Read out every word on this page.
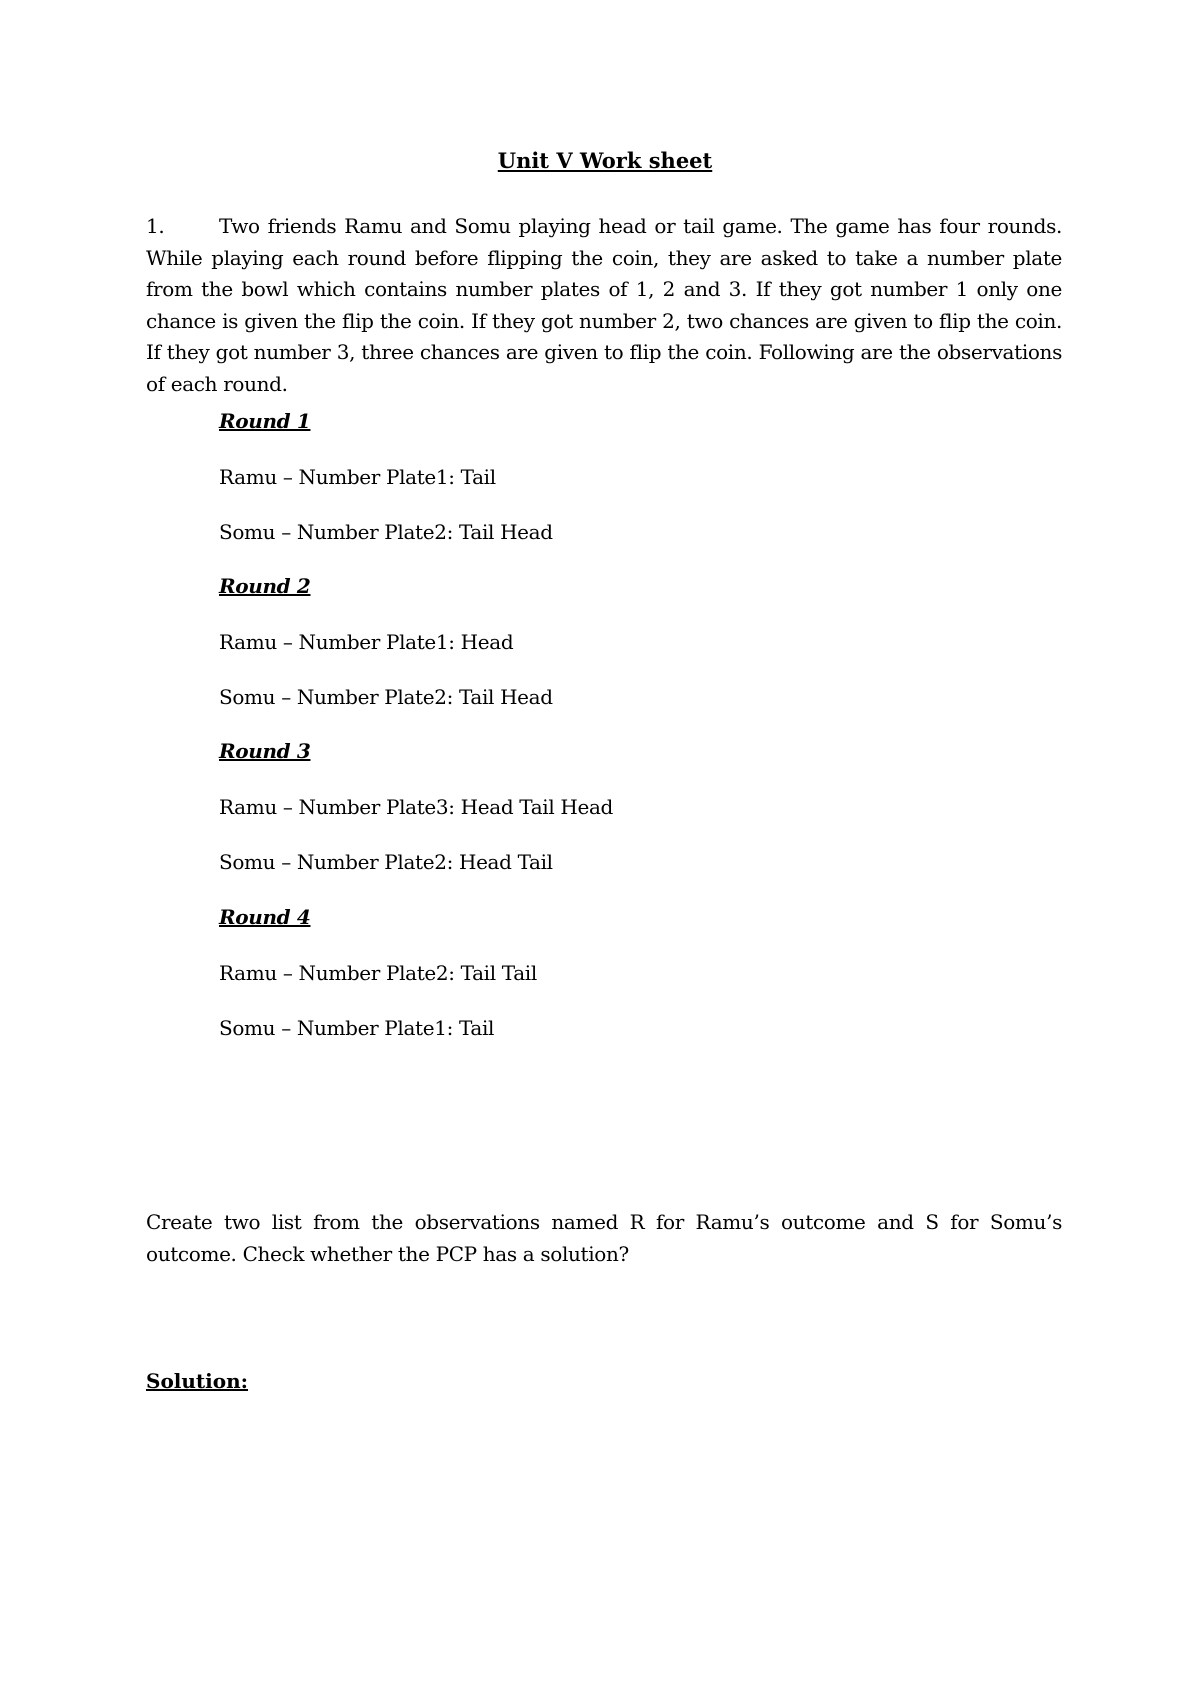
Unit V Work sheet
1.	Two friends Ramu and Somu playing head or tail game. The game has four rounds. While playing each round before flipping the coin, they are asked to take a number plate from the bowl which contains number plates of 1, 2 and 3. If they got number 1 only one chance is given the flip the coin. If they got number 2, two chances are given to flip the coin. If they got number 3, three chances are given to flip the coin. Following are the observations of each round.
Round 1
Ramu – Number Plate1: Tail
Somu – Number Plate2: Tail Head
Round 2
Ramu – Number Plate1: Head
Somu – Number Plate2: Tail Head
Round 3
Ramu – Number Plate3: Head Tail Head
Somu – Number Plate2: Head Tail
Round 4
Ramu – Number Plate2: Tail Tail
Somu – Number Plate1: Tail
Create two list from the observations named R for Ramu’s outcome and S for Somu’s outcome. Check whether the PCP has a solution?
Solution:
